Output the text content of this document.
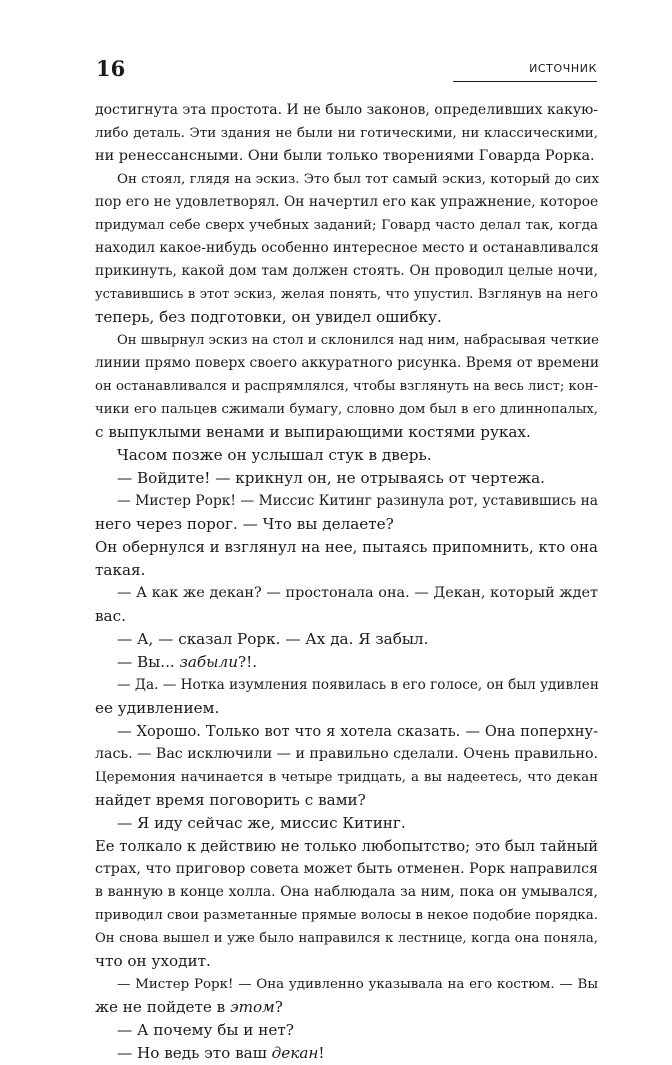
16	ИСТОЧНИК
достигнута эта простота. И не было законов, определивших какую-
либо деталь. Эти здания не были ни готическими, ни классическими,
ни ренессансными. Они были только творениями Говарда Рорка.
Он стоял, глядя на эскиз. Это был тот самый эскиз, который до сих
пор его не удовлетворял. Он начертил его как упражнение, которое
придумал себе сверх учебных заданий; Говард часто делал так, когда
находил какое-нибудь особенно интересное место и останавливался
прикинуть, какой дом там должен стоять. Он проводил целые ночи,
уставившись в этот эскиз, желая понять, что упустил. Взглянув на него
теперь, без подготовки, он увидел ошибку.
Он швырнул эскиз на стол и склонился над ним, набрасывая четкие
линии прямо поверх своего аккуратного рисунка. Время от времени
он останавливался и распрямлялся, чтобы взглянуть на весь лист; кон-
чики его пальцев сжимали бумагу, словно дом был в его длиннопалых,
с выпуклыми венами и выпирающими костями руках.
Часом позже он услышал стук в дверь.
— Войдите! — крикнул он, не отрываясь от чертежа.
— Мистер Рорк! — Миссис Китинг разинула рот, уставившись на
него через порог. — Что вы делаете?
Он обернулся и взглянул на нее, пытаясь припомнить, кто она
такая.
— А как же декан? — простонала она. — Декан, который ждет
вас.
— А, — сказал Рорк. — Ах да. Я забыл.
— Вы... забыли?!.
— Да. — Нотка изумления появилась в его голосе, он был удивлен
ее удивлением.
— Хорошо. Только вот что я хотела сказать. — Она поперхну-
лась. — Вас исключили — и правильно сделали. Очень правильно.
Церемония начинается в четыре тридцать, а вы надеетесь, что декан
найдет время поговорить с вами?
— Я иду сейчас же, миссис Китинг.
Ее толкало к действию не только любопытство; это был тайный
страх, что приговор совета может быть отменен. Рорк направился
в ванную в конце холла. Она наблюдала за ним, пока он умывался,
приводил свои разметанные прямые волосы в некое подобие порядка.
Он снова вышел и уже было направился к лестнице, когда она поняла,
что он уходит.
— Мистер Рорк! — Она удивленно указывала на его костюм. — Вы
же не пойдете в этом?
— А почему бы и нет?
— Но ведь это ваш декан!
